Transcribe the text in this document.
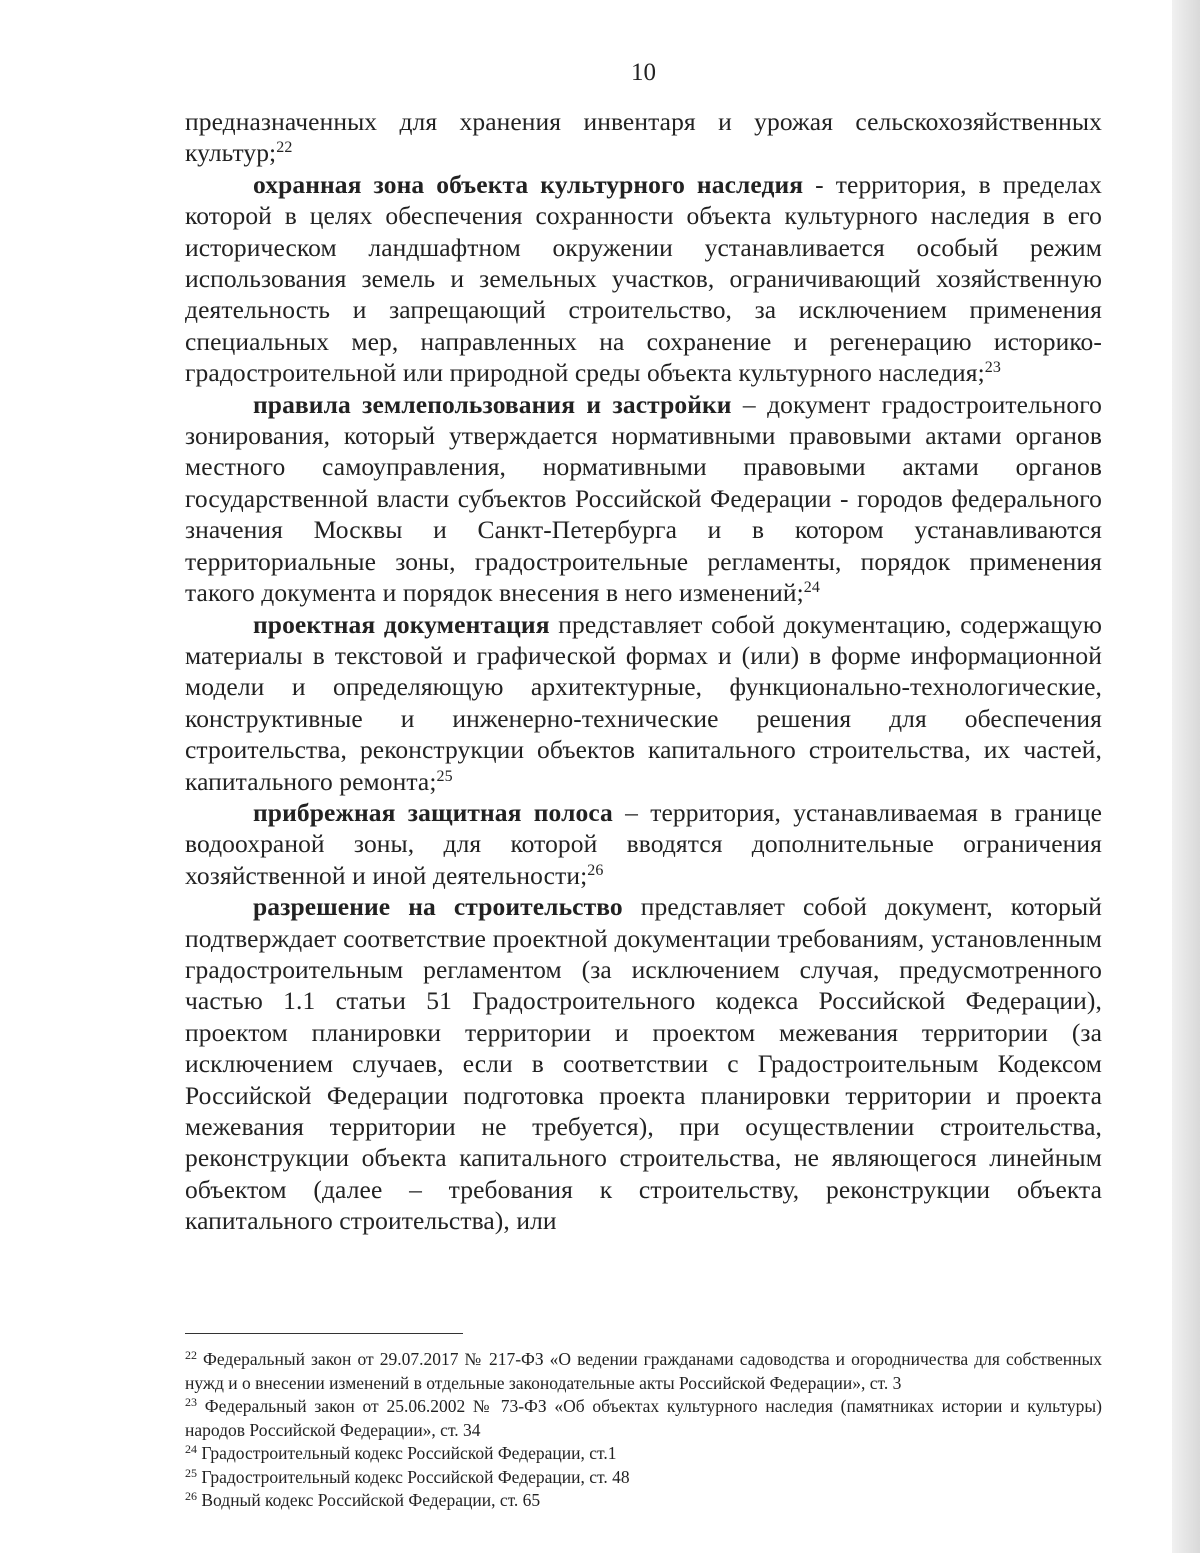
10

предназначенных для хранения инвентаря и урожая сельскохозяйственных культур;$^{22}$

охранная зона объекта культурного наследия - территория, в пределах которой в целях обеспечения сохранности объекта культурного наследия в его историческом ландшафтном окружении устанавливается особый режим использования земель и земельных участков, ограничивающий хозяйственную деятельность и запрещающий строительство, за исключением применения специальных мер, направленных на сохранение и регенерацию историко-градостроительной или природной среды объекта культурного наследия;$^{23}$

правила землепользования и застройки – документ градостроительного зонирования, который утверждается нормативными правовыми актами органов местного самоуправления, нормативными правовыми актами органов государственной власти субъектов Российской Федерации - городов федерального значения Москвы и Санкт-Петербурга и в котором устанавливаются территориальные зоны, градостроительные регламенты, порядок применения такого документа и порядок внесения в него изменений;$^{24}$

проектная документация представляет собой документацию, содержащую материалы в текстовой и графической формах и (или) в форме информационной модели и определяющую архитектурные, функционально-технологические, конструктивные и инженерно-технические решения для обеспечения строительства, реконструкции объектов капитального строительства, их частей, капитального ремонта;$^{25}$

прибрежная защитная полоса – территория, устанавливаемая в границе водоохраной зоны, для которой вводятся дополнительные ограничения хозяйственной и иной деятельности;$^{26}$

разрешение на строительство представляет собой документ, который подтверждает соответствие проектной документации требованиям, установленным градостроительным регламентом (за исключением случая, предусмотренного частью 1.1 статьи 51 Градостроительного кодекса Российской Федерации), проектом планировки территории и проектом межевания территории (за исключением случаев, если в соответствии с Градостроительным Кодексом Российской Федерации подготовка проекта планировки территории и проекта межевания территории не требуется), при осуществлении строительства, реконструкции объекта капитального строительства, не являющегося линейным объектом (далее – требования к строительству, реконструкции объекта капитального строительства), или

$^{22}$ Федеральный закон от 29.07.2017 № 217-ФЗ «О ведении гражданами садоводства и огородничества для собственных нужд и о внесении изменений в отдельные законодательные акты Российской Федерации», ст. 3

$^{23}$ Федеральный закон от 25.06.2002 № 73-ФЗ «Об объектах культурного наследия (памятниках истории и культуры) народов Российской Федерации», ст. 34

$^{24}$ Градостроительный кодекс Российской Федерации, ст.1

$^{25}$ Градостроительный кодекс Российской Федерации, ст. 48

$^{26}$ Водный кодекс Российской Федерации, ст. 65
